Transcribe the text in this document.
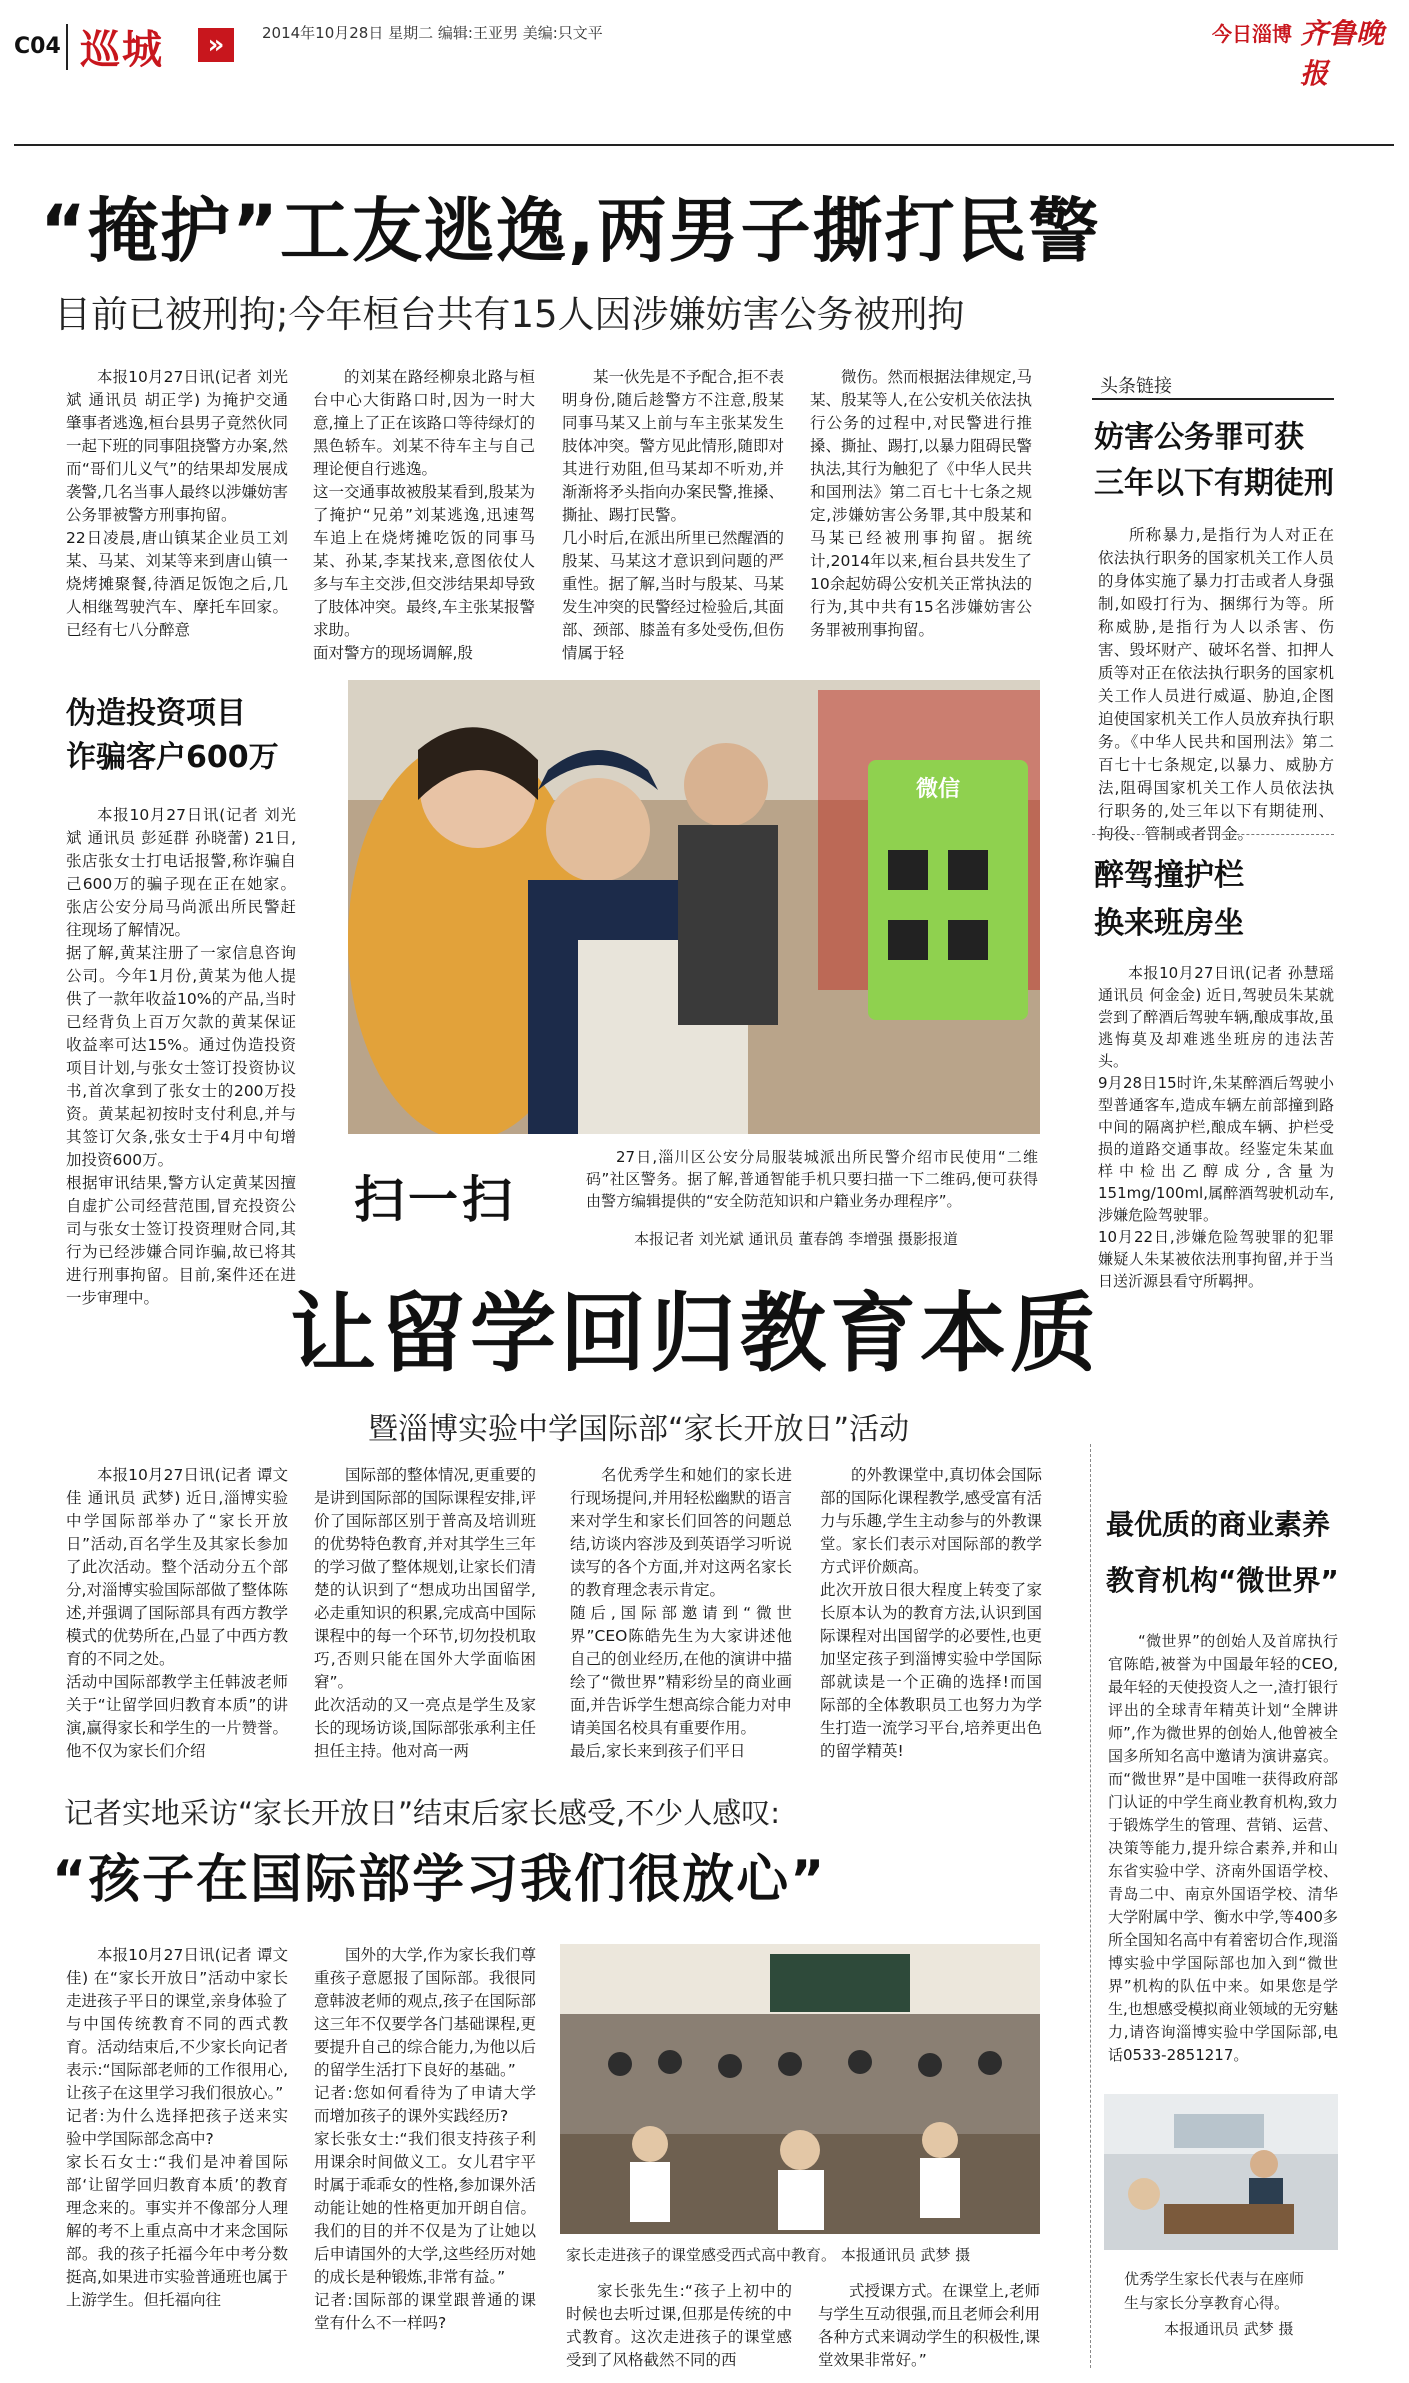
C04 巡城	»	2014年10月28日 星期二 编辑:王亚男 美编:只文平	今日淄博 齐鲁晚报
“掩护”工友逃逸,两男子撕打民警
目前已被刑拘;今年桓台共有15人因涉嫌妨害公务被刑拘

本报10月27日讯(记者 刘光斌 通讯员 胡正学) 为掩护交通肇事者逃逸,桓台县男子竟然伙同一起下班的同事阻挠警方办案,然而“哥们儿义气”的结果却发展成袭警,几名当事人最终以涉嫌妨害公务罪被警方刑事拘留。
22日凌晨,唐山镇某企业员工刘某、马某、刘某等来到唐山镇一烧烤摊聚餐,待酒足饭饱之后,几人相继驾驶汽车、摩托车回家。已经有七八分醉意

的刘某在路经柳泉北路与桓台中心大街路口时,因为一时大意,撞上了正在该路口等待绿灯的黑色轿车。刘某不待车主与自己理论便自行逃逸。
这一交通事故被殷某看到,殷某为了掩护“兄弟”刘某逃逸,迅速驾车追上在烧烤摊吃饭的同事马某、孙某,李某找来,意图依仗人多与车主交涉,但交涉结果却导致了肢体冲突。最终,车主张某报警求助。
面对警方的现场调解,殷

某一伙先是不予配合,拒不表明身份,随后趁警方不注意,殷某同事马某又上前与车主张某发生肢体冲突。警方见此情形,随即对其进行劝阻,但马某却不听劝,并渐渐将矛头指向办案民警,推搡、撕扯、踢打民警。
几小时后,在派出所里已然醒酒的殷某、马某这才意识到问题的严重性。据了解,当时与殷某、马某发生冲突的民警经过检验后,其面部、颈部、膝盖有多处受伤,但伤情属于轻

微伤。然而根据法律规定,马某、殷某等人,在公安机关依法执行公务的过程中,对民警进行推搡、撕扯、踢打,以暴力阻碍民警执法,其行为触犯了《中华人民共和国刑法》第二百七十七条之规定,涉嫌妨害公务罪,其中殷某和马某已经被刑事拘留。据统计,2014年以来,桓台县共发生了10余起妨碍公安机关正常执法的行为,其中共有15名涉嫌妨害公务罪被刑事拘留。

头条链接
妨害公务罪可获
三年以下有期徒刑

所称暴力,是指行为人对正在依法执行职务的国家机关工作人员的身体实施了暴力打击或者人身强制,如殴打行为、捆绑行为等。所称威胁,是指行为人以杀害、伤害、毁坏财产、破坏名誉、扣押人质等对正在依法执行职务的国家机关工作人员进行威逼、胁迫,企图迫使国家机关工作人员放弃执行职务。《中华人民共和国刑法》第二百七十七条规定,以暴力、威胁方法,阻碍国家机关工作人员依法执行职务的,处三年以下有期徒刑、拘役、管制或者罚金。

伪造投资项目
诈骗客户600万

本报10月27日讯(记者 刘光斌 通讯员 彭延群 孙晓蕾) 21日,张店张女士打电话报警,称诈骗自己600万的骗子现在正在她家。张店公安分局马尚派出所民警赶往现场了解情况。
据了解,黄某注册了一家信息咨询公司。今年1月份,黄某为他人提供了一款年收益10%的产品,当时已经背负上百万欠款的黄某保证收益率可达15%。通过伪造投资项目计划,与张女士签订投资协议书,首次拿到了张女士的200万投资。黄某起初按时支付利息,并与其签订欠条,张女士于4月中旬增加投资600万。
根据审讯结果,警方认定黄某因擅自虚扩公司经营范围,冒充投资公司与张女士签订投资理财合同,其行为已经涉嫌合同诈骗,故已将其进行刑事拘留。目前,案件还在进一步审理中。

微信
扫一扫
27日,淄川区公安分局服装城派出所民警介绍市民使用“二维码”社区警务。据了解,普通智能手机只要扫描一下二维码,便可获得由警方编辑提供的“安全防范知识和户籍业务办理程序”。
本报记者 刘光斌 通讯员 董春鸽 李增强 摄影报道
醉驾撞护栏
换来班房坐

本报10月27日讯(记者 孙慧瑶 通讯员 何金金) 近日,驾驶员朱某就尝到了醉酒后驾驶车辆,酿成事故,虽逃悔莫及却难逃坐班房的违法苦头。
9月28日15时许,朱某醉酒后驾驶小型普通客车,造成车辆左前部撞到路中间的隔离护栏,酿成车辆、护栏受损的道路交通事故。经鉴定朱某血样中检出乙醇成分,含量为151mg/100ml,属醉酒驾驶机动车,涉嫌危险驾驶罪。
10月22日,涉嫌危险驾驶罪的犯罪嫌疑人朱某被依法刑事拘留,并于当日送沂源县看守所羁押。

让留学回归教育本质
暨淄博实验中学国际部“家长开放日”活动

本报10月27日讯(记者 谭文佳 通讯员 武梦) 近日,淄博实验中学国际部举办了“家长开放日”活动,百名学生及其家长参加了此次活动。整个活动分五个部分,对淄博实验国际部做了整体陈述,并强调了国际部具有西方教学模式的优势所在,凸显了中西方教育的不同之处。
活动中国际部教学主任韩波老师关于“让留学回归教育本质”的讲演,赢得家长和学生的一片赞誉。他不仅为家长们介绍

国际部的整体情况,更重要的是讲到国际部的国际课程安排,评价了国际部区别于普高及培训班的优势特色教育,并对其学生三年的学习做了整体规划,让家长们清楚的认识到了“想成功出国留学,必走重知识的积累,完成高中国际课程中的每一个环节,切勿投机取巧,否则只能在国外大学面临困窘”。
此次活动的又一亮点是学生及家长的现场访谈,国际部张承利主任担任主持。他对高一两

名优秀学生和她们的家长进行现场提问,并用轻松幽默的语言来对学生和家长们回答的问题总结,访谈内容涉及到英语学习听说读写的各个方面,并对这两名家长的教育理念表示肯定。
随后,国际部邀请到“微世界”CEO陈皓先生为大家讲述他自己的创业经历,在他的演讲中描绘了“微世界”精彩纷呈的商业画面,并告诉学生想高综合能力对申请美国名校具有重要作用。
最后,家长来到孩子们平日

的外教课堂中,真切体会国际部的国际化课程教学,感受富有活力与乐趣,学生主动参与的外教课堂。家长们表示对国际部的教学方式评价颇高。
此次开放日很大程度上转变了家长原本认为的教育方法,认识到国际课程对出国留学的必要性,也更加坚定孩子到淄博实验中学国际部就读是一个正确的选择!而国际部的全体教职员工也努力为学生打造一流学习平台,培养更出色的留学精英!

最优质的商业素养
教育机构“微世界”

“微世界”的创始人及首席执行官陈皓,被誉为中国最年轻的CEO,最年轻的天使投资人之一,渣打银行评出的全球青年精英计划“全牌讲师”,作为微世界的创始人,他曾被全国多所知名高中邀请为演讲嘉宾。而“微世界”是中国唯一获得政府部门认证的中学生商业教育机构,致力于锻炼学生的管理、营销、运营、决策等能力,提升综合素养,并和山东省实验中学、济南外国语学校、青岛二中、南京外国语学校、清华大学附属中学、衡水中学,等400多所全国知名高中有着密切合作,现淄博实验中学国际部也加入到“微世界”机构的队伍中来。如果您是学生,也想感受模拟商业领域的无穷魅力,请咨询淄博实验中学国际部,电话0533-2851217。

优秀学生家长代表与在座师
生与家长分享教育心得。
本报通讯员 武梦 摄
记者实地采访“家长开放日”结束后家长感受,不少人感叹:
“孩子在国际部学习我们很放心”

本报10月27日讯(记者 谭文佳) 在“家长开放日”活动中家长走进孩子平日的课堂,亲身体验了与中国传统教育不同的西式教育。活动结束后,不少家长向记者表示:“国际部老师的工作很用心,让孩子在这里学习我们很放心。”
记者:为什么选择把孩子送来实验中学国际部念高中?
家长石女士:“我们是冲着国际部‘让留学回归教育本质’的教育理念来的。事实并不像部分人理解的考不上重点高中才来念国际部。我的孩子托福今年中考分数挺高,如果进市实验普通班也属于上游学生。但托福向往

国外的大学,作为家长我们尊重孩子意愿报了国际部。我很同意韩波老师的观点,孩子在国际部这三年不仅要学各门基础课程,更要提升自己的综合能力,为他以后的留学生活打下良好的基础。”
记者:您如何看待为了申请大学而增加孩子的课外实践经历?
家长张女士:“我们很支持孩子利用课余时间做义工。女儿君宇平时属于乖乖女的性格,参加课外活动能让她的性格更加开朗自信。我们的目的并不仅是为了让她以后申请国外的大学,这些经历对她的成长是种锻炼,非常有益。”
记者:国际部的课堂跟普通的课堂有什么不一样吗?

家长走进孩子的课堂感受西式高中教育。 本报通讯员 武梦 摄

家长张先生:“孩子上初中的时候也去听过课,但那是传统的中式教育。这次走进孩子的课堂感受到了风格截然不同的西

式授课方式。在课堂上,老师与学生互动很强,而且老师会利用各种方式来调动学生的积极性,课堂效果非常好。”
